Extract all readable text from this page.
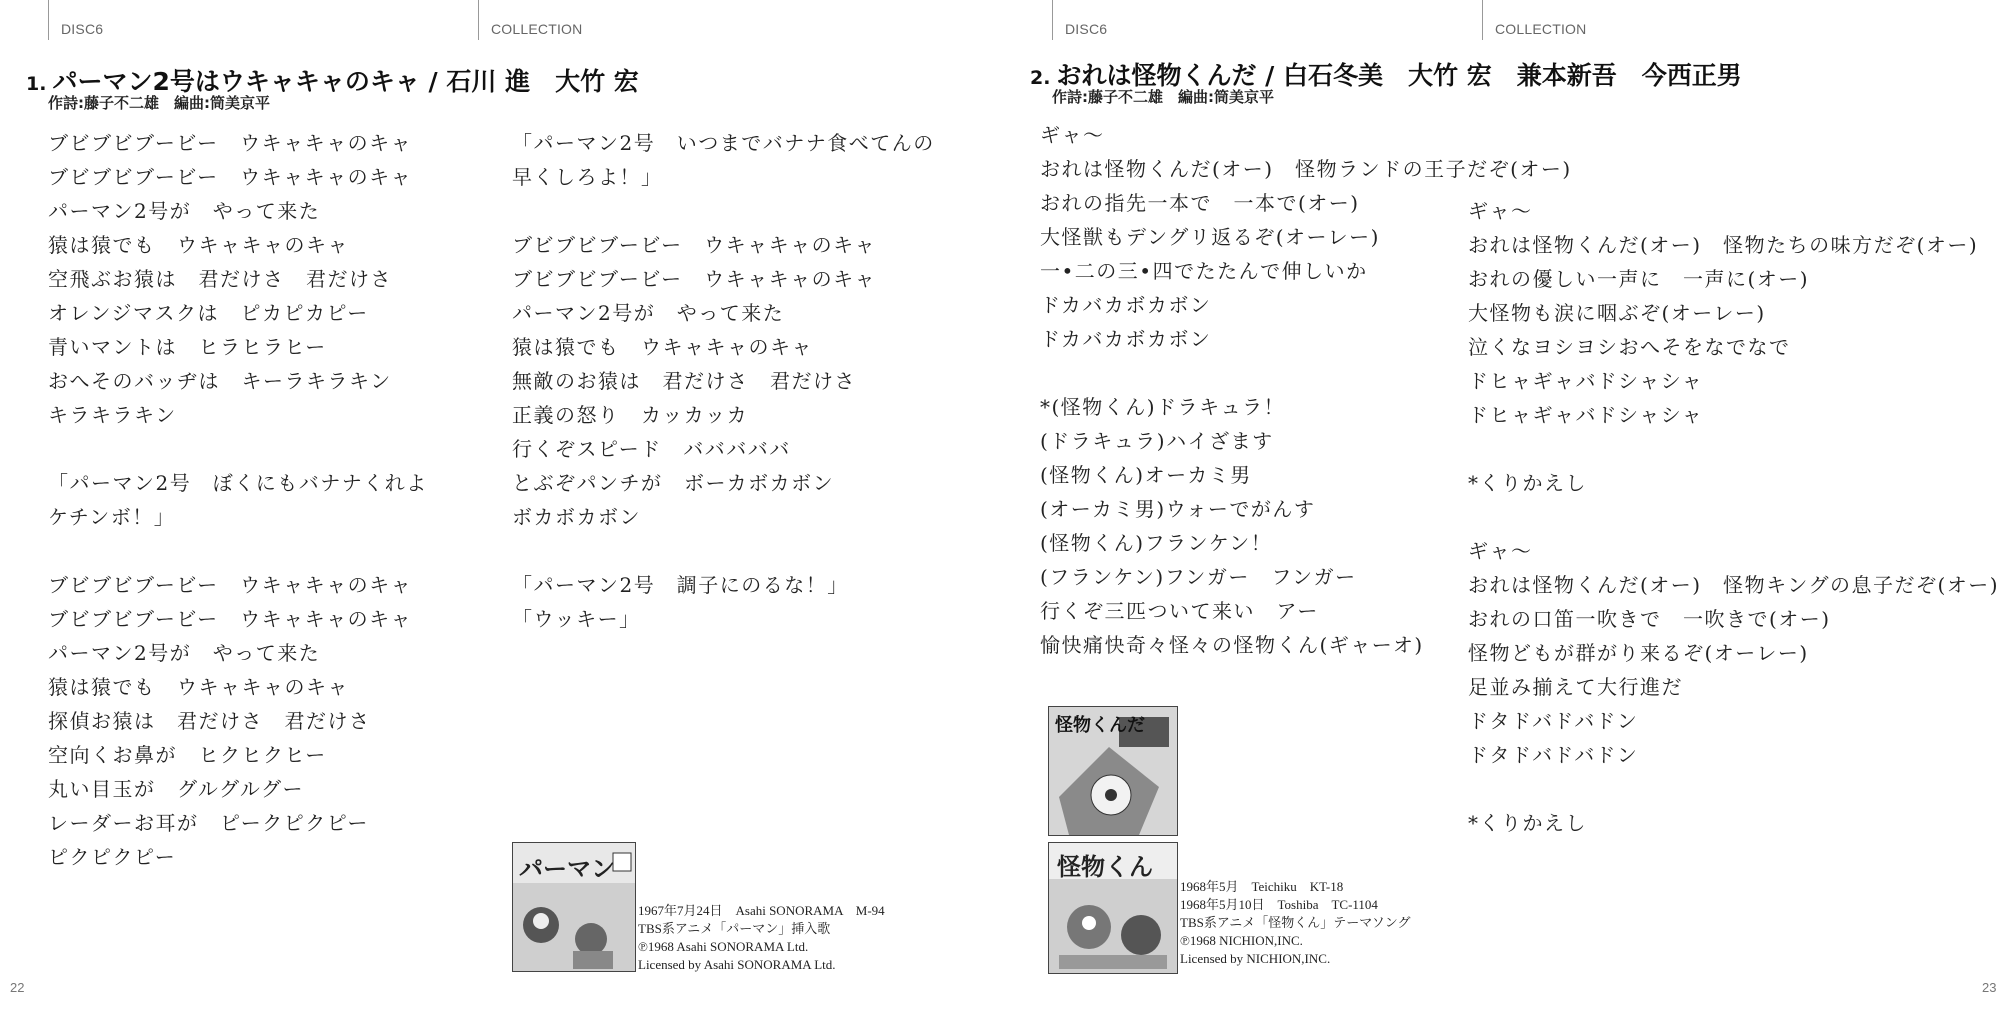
DISC6	COLLECTION
1. パーマン2号はウキャキャのキャ / 石川 進　大竹 宏
作詩:藤子不二雄　編曲:筒美京平
ブビブビブービー　ウキャキャのキャ
ブビブビブービー　ウキャキャのキャ
パーマン2号が　やって来た
猿は猿でも　ウキャキャのキャ
空飛ぶお猿は　君だけさ　君だけさ
オレンジマスクは　ピカピカピー
青いマントは　ヒラヒラヒー
おへそのバッヂは　キーラキラキン
キラキラキン
「パーマン2号　ぼくにもバナナくれよ
ケチンボ！」
ブビブビブービー　ウキャキャのキャ
ブビブビブービー　ウキャキャのキャ
パーマン2号が　やって来た
猿は猿でも　ウキャキャのキャ
探偵お猿は　君だけさ　君だけさ
空向くお鼻が　ヒクヒクヒー
丸い目玉が　グルグルグー
レーダーお耳が　ピークピクピー
ピクピクピー
「パーマン2号　いつまでバナナ食べてんの
早くしろよ！」
ブビブビブービー　ウキャキャのキャ
ブビブビブービー　ウキャキャのキャ
パーマン2号が　やって来た
猿は猿でも　ウキャキャのキャ
無敵のお猿は　君だけさ　君だけさ
正義の怒り　カッカッカ
行くぞスピード　バババババ
とぶぞパンチが　ボーカボカボン
ボカボカボン
「パーマン2号　調子にのるな！」
「ウッキー」
パーマン
1967年7月24日　Asahi SONORAMA　M-94
TBS系アニメ「パーマン」挿入歌
℗1968 Asahi SONORAMA Ltd.
Licensed by Asahi SONORAMA Ltd.
22
DISC6	COLLECTION
2. おれは怪物くんだ / 白石冬美　大竹 宏　兼本新吾　今西正男
作詩:藤子不二雄　編曲:筒美京平
ギャ～
おれは怪物くんだ(オー)　怪物ランドの王子だぞ(オー)
おれの指先一本で　一本で(オー)
大怪獣もデングリ返るぞ(オーレー)
一•二の三•四でたたんで伸しいか
ドカバカボカボン
ドカバカボカボン
*(怪物くん)ドラキュラ！
(ドラキュラ)ハイざます
(怪物くん)オーカミ男
(オーカミ男)ウォーでがんす
(怪物くん)フランケン！
(フランケン)フンガー　フンガー
行くぞ三匹ついて来い　アー
愉快痛快奇々怪々の怪物くん(ギャーオ)
ギャ～
おれは怪物くんだ(オー)　怪物たちの味方だぞ(オー)
おれの優しい一声に　一声に(オー)
大怪物も涙に咽ぶぞ(オーレー)
泣くなヨシヨシおへそをなでなで
ドヒャギャバドシャシャ
ドヒャギャバドシャシャ
*くりかえし
ギャ～
おれは怪物くんだ(オー)　怪物キングの息子だぞ(オー)
おれの口笛一吹きで　一吹きで(オー)
怪物どもが群がり来るぞ(オーレー)
足並み揃えて大行進だ
ドタドバドバドン
ドタドバドバドン
*くりかえし
怪物くんだ
怪物くん
1968年5月　Teichiku　KT-18
1968年5月10日　Toshiba　TC-1104
TBS系アニメ「怪物くん」テーマソング
℗1968 NICHION,INC.
Licensed by NICHION,INC.
23
